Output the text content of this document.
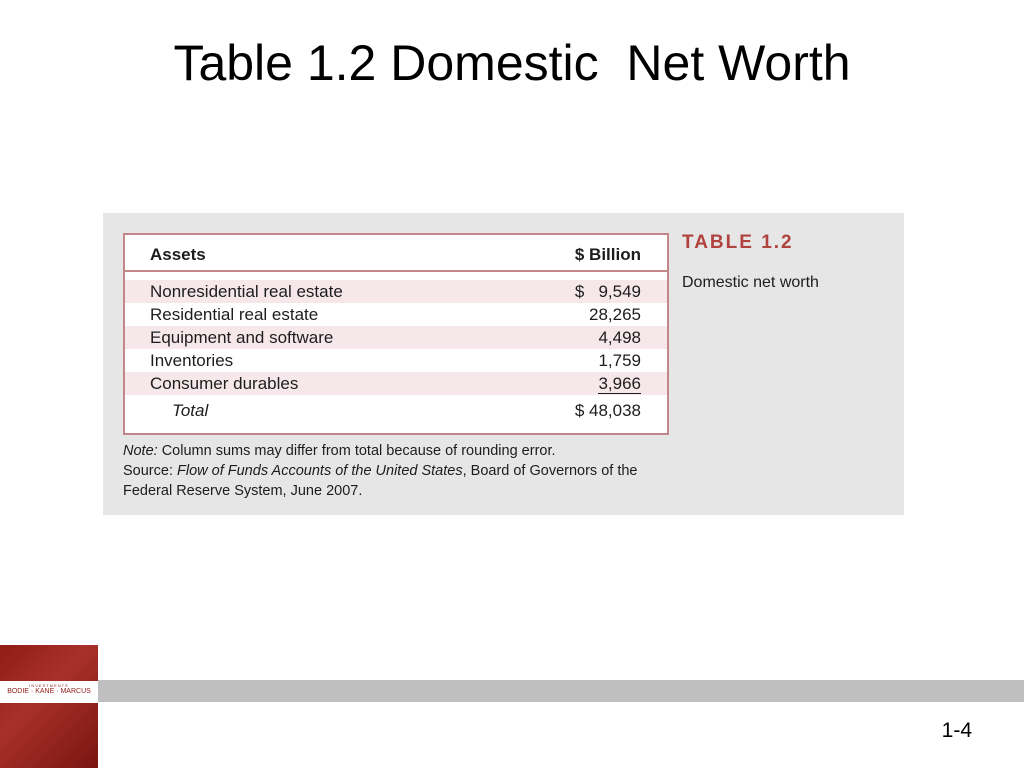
Table 1.2 Domestic  Net Worth
Assets	$ Billion
Nonresidential real estate	$   9,549
Residential real estate	28,265
Equipment and software	4,498
Inventories	1,759
Consumer durables	3,966
Total	$ 48,038
TABLE 1.2
Domestic net worth
Note: Column sums may differ from total because of rounding error.
Source: Flow of Funds Accounts of the United States, Board of Governors of the Federal Reserve System, June 2007.
INVESTMENTS
BODIE · KANE · MARCUS
1-4
